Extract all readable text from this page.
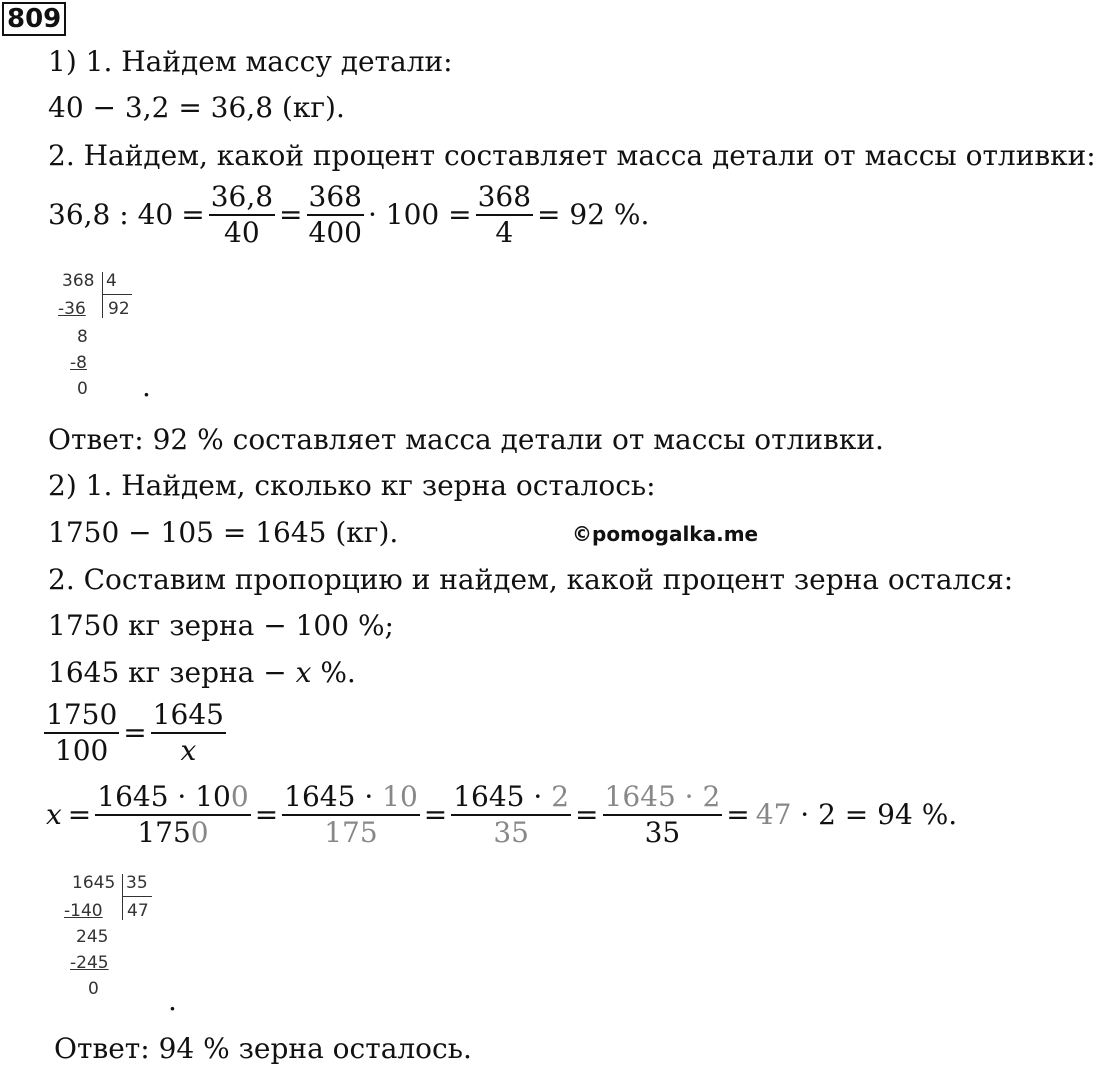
809
1) 1. Найдем массу детали:
40 − 3,2 = 36,8 (кг).
2. Найдем, какой процент составляет масса детали от массы отливки:
36,8 : $40 = \frac{36,8}{40} = \frac{368}{400} \cdot 100 = \frac{368}{4} = 92$ %.
368 4
92
-36
8
-8
0 .
Ответ: 92 % составляет масса детали от массы отливки.
2) 1. Найдем, сколько кг зерна осталось:
1750 − 105 = 1645 (кг).	©pomogalka.me
2. Составим пропорцию и найдем, какой процент зерна остался:
1750 кг зерна − 100 %;
1645 кг зерна − x %.
$\frac{1750}{100} = \frac{1645}{x}$
$x = \frac{1645 \cdot 100}{1750} = \frac{1645 \cdot 10}{175} = \frac{1645 \cdot 2}{35} = \frac{1645 \cdot 2}{35} = 47 \cdot 2 = 94$ %.
1645 35
47
-140
245
-245
0 .
Ответ: 94 % зерна осталось.
